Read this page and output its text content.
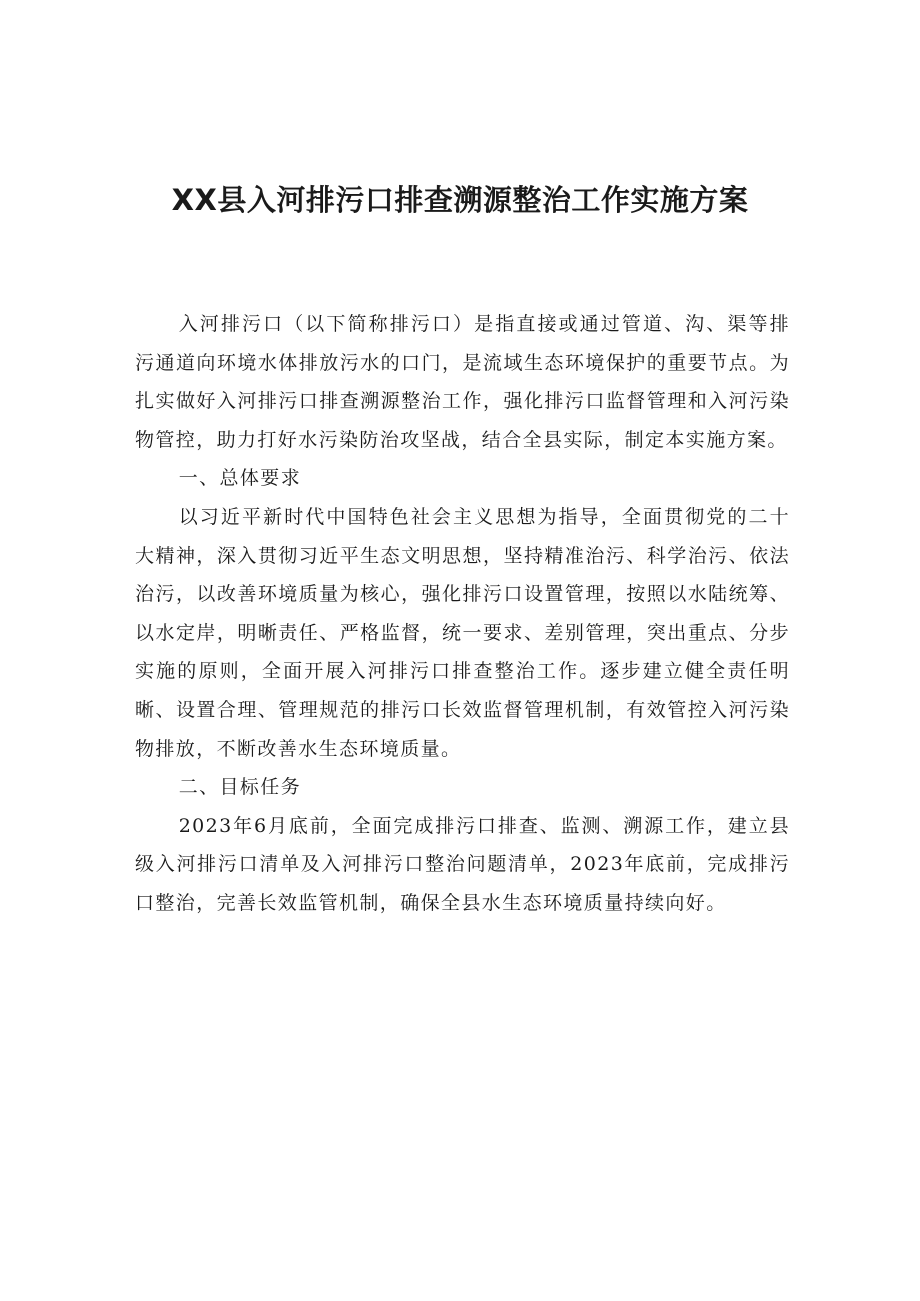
XX县入河排污口排查溯源整治工作实施方案

入河排污口（以下简称排污口）是指直接或通过管道、沟、渠等排污通道向环境水体排放污水的口门，是流域生态环境保护的重要节点。为扎实做好入河排污口排查溯源整治工作，强化排污口监督管理和入河污染物管控，助力打好水污染防治攻坚战，结合全县实际，制定本实施方案。

一、总体要求

以习近平新时代中国特色社会主义思想为指导，全面贯彻党的二十大精神，深入贯彻习近平生态文明思想，坚持精准治污、科学治污、依法治污，以改善环境质量为核心，强化排污口设置管理，按照以水陆统筹、以水定岸，明晰责任、严格监督，统一要求、差别管理，突出重点、分步实施的原则，全面开展入河排污口排查整治工作。逐步建立健全责任明晰、设置合理、管理规范的排污口长效监督管理机制，有效管控入河污染物排放，不断改善水生态环境质量。

二、目标任务

2023年6月底前，全面完成排污口排查、监测、溯源工作，建立县级入河排污口清单及入河排污口整治问题清单，2023年底前，完成排污口整治，完善长效监管机制，确保全县水生态环境质量持续向好。
